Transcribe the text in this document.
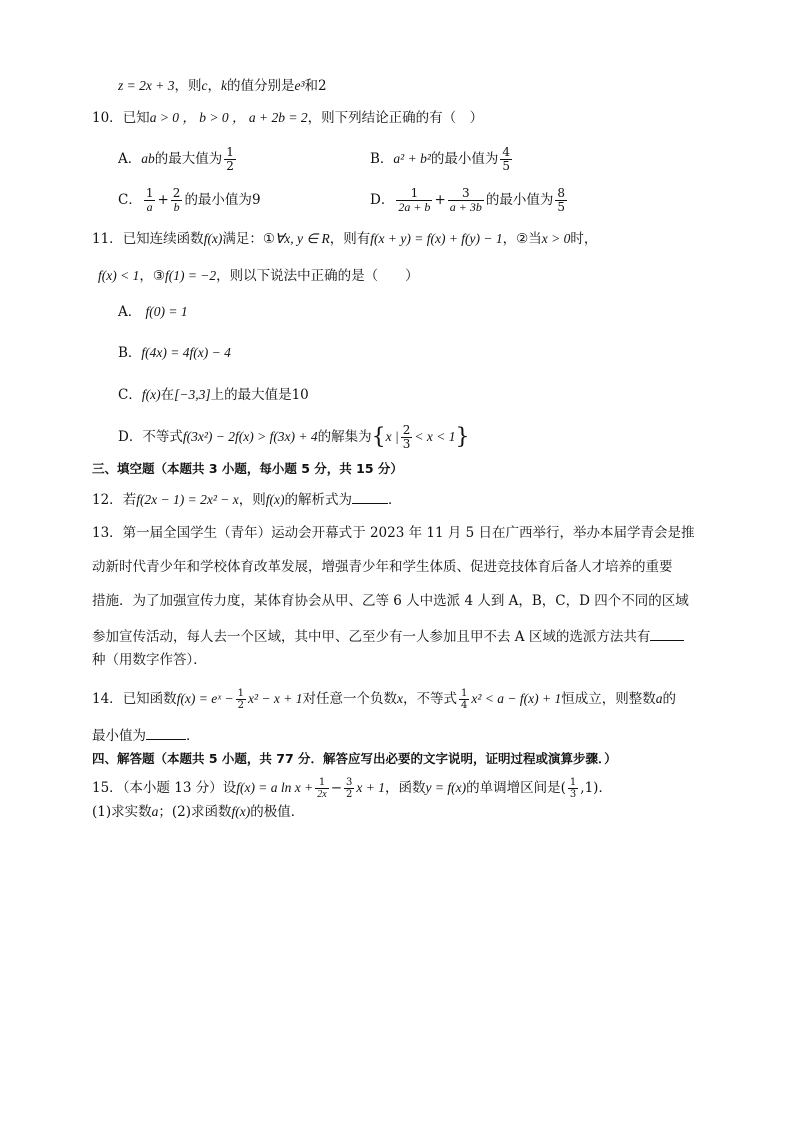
z = 2x + 3，则c，k的值分别是e³和2
10．已知a > 0 ， b > 0 ， a + 2b = 2，则下列结论正确的有（　）
A．ab的最大值为 $\frac{1}{2}$	B．a² + b²的最小值为 $\frac{4}{5}$
C． $\frac{1}{a} + \frac{2}{b}$ 的最小值为9	D． $\frac{1}{2a + b} + \frac{3}{a + 3b}$ 的最小值为 $\frac{8}{5}$
11．已知连续函数f(x)满足：①∀x, y ∈ R，则有f(x + y) = f(x) + f(y) − 1，②当x > 0时，
f(x) < 1，③f(1) = −2，则以下说法中正确的是（　　）
A． f(0) = 1
B．f(4x) = 4f(x) − 4
C．f(x)在[−3,3]上的最大值是10
D．不等式f(3x²) − 2f(x) > f(3x) + 4的解集为{x | $\frac{2}{3} < x < 1$}
三、填空题（本题共 3 小题，每小题 5 分，共 15 分）
12．若f(2x − 1) = 2x² − x，则f(x)的解析式为	．
13．第一届全国学生（青年）运动会开幕式于 2023 年 11 月 5 日在广西举行，举办本届学青会是推
动新时代青少年和学校体育改革发展，增强青少年和学生体质、促进竞技体育后备人才培养的重要
措施．为了加强宣传力度，某体育协会从甲、乙等 6 人中选派 4 人到 A，B，C，D 四个不同的区域
参加宣传活动，每人去一个区域，其中甲、乙至少有一人参加且甲不去 A 区域的选派方法共有
种（用数字作答）．
14．已知函数f(x) = eˣ − $\frac{1}{2} x^2 - x + 1$对任意一个负数x，不等式 $\frac{1}{4} x^2 < a - f(x) + 1$恒成立，则整数a的
最小值为	．
四、解答题（本题共 5 小题，共 77 分．解答应写出必要的文字说明，证明过程或演算步骤．）
15．（本小题 13 分）设f(x) = a $\ln x + \frac{1}{2x} - \frac{3}{2}$ x + 1，函数y = f(x)的单调增区间是( $\frac{1}{3} ,1$)．
(1)求实数a；(2)求函数f(x)的极值．
